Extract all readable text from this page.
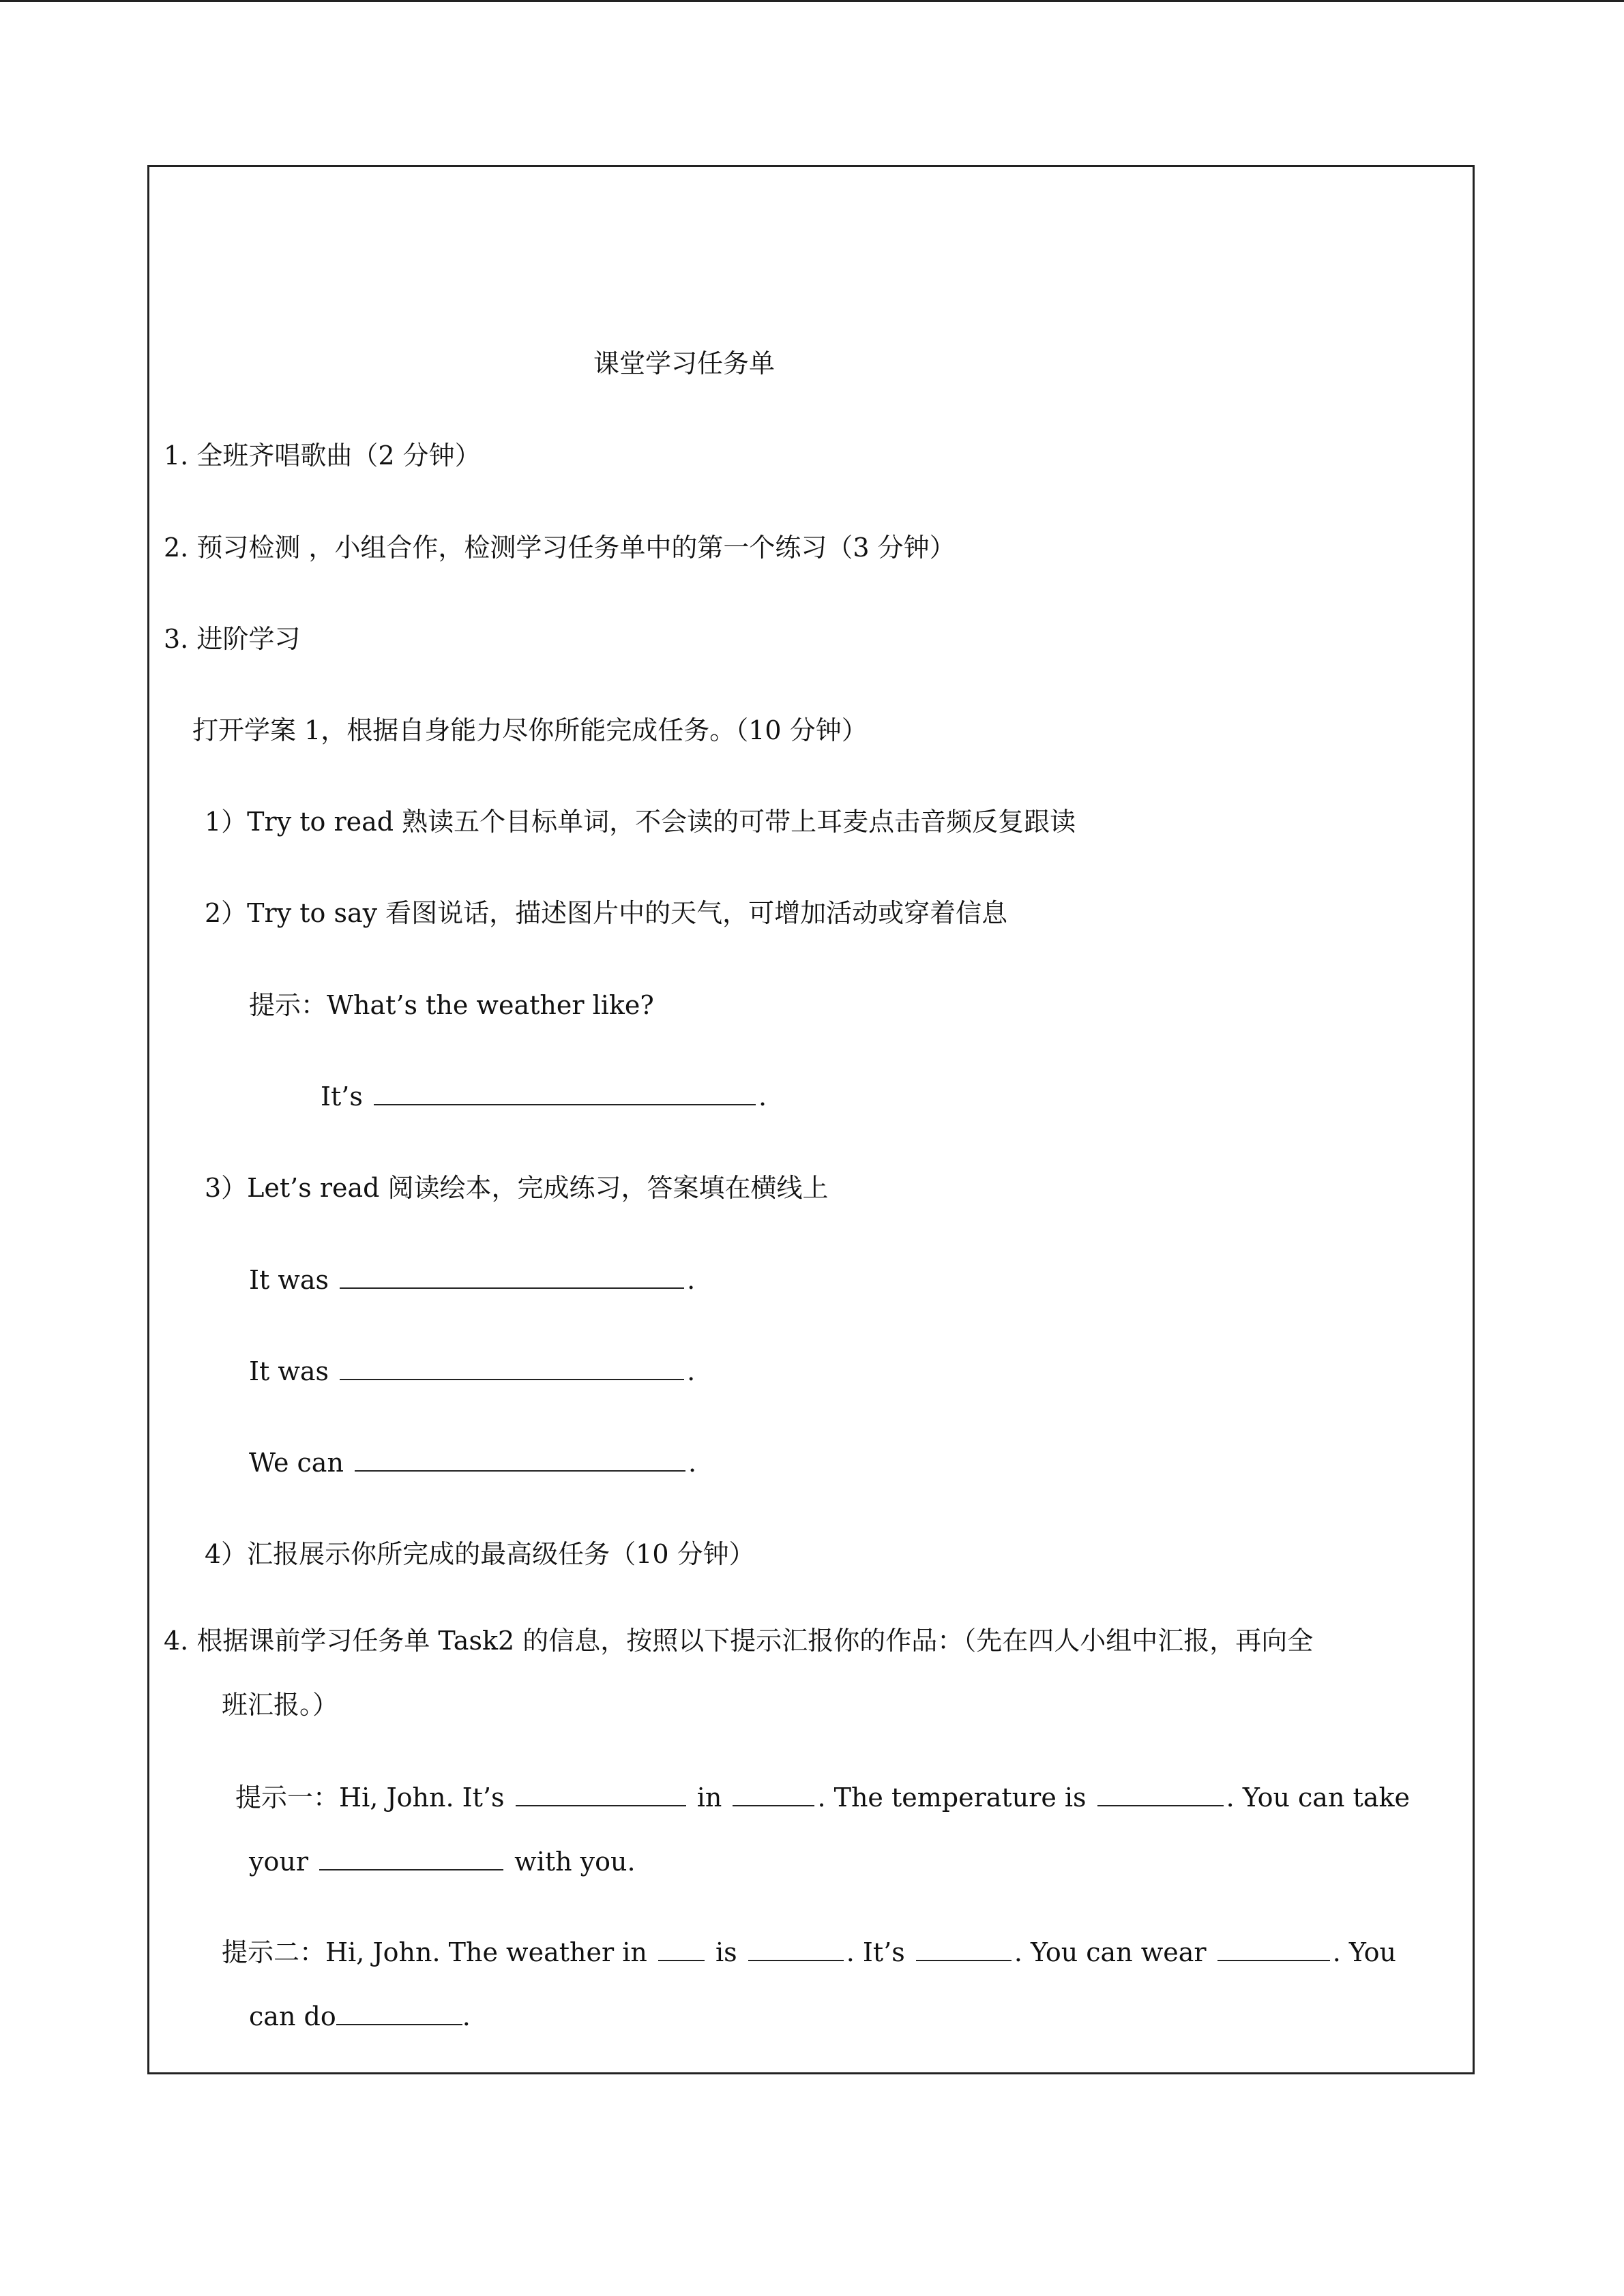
课堂学习任务单
1. 全班齐唱歌曲（2 分钟）
2. 预习检测 ，小组合作，检测学习任务单中的第一个练习（3 分钟）
3. 进阶学习
打开学案 1，根据自身能力尽你所能完成任务。（10 分钟）
1）Try to read 熟读五个目标单词，不会读的可带上耳麦点击音频反复跟读
2）Try to say 看图说话，描述图片中的天气，可增加活动或穿着信息
提示：What’s the weather like?
It’s	.
3）Let’s read 阅读绘本，完成练习，答案填在横线上
It was	.
It was	.
We can	.
4）汇报展示你所完成的最高级任务（10 分钟）
4. 根据课前学习任务单 Task2 的信息，按照以下提示汇报你的作品：（先在四人小组中汇报，再向全
班汇报。）
提示一：Hi, John. It’s	in	. The temperature is	. You can take
your	with you.
提示二：Hi, John. The weather in	is	. It’s	. You can wear	. You
can do	.
